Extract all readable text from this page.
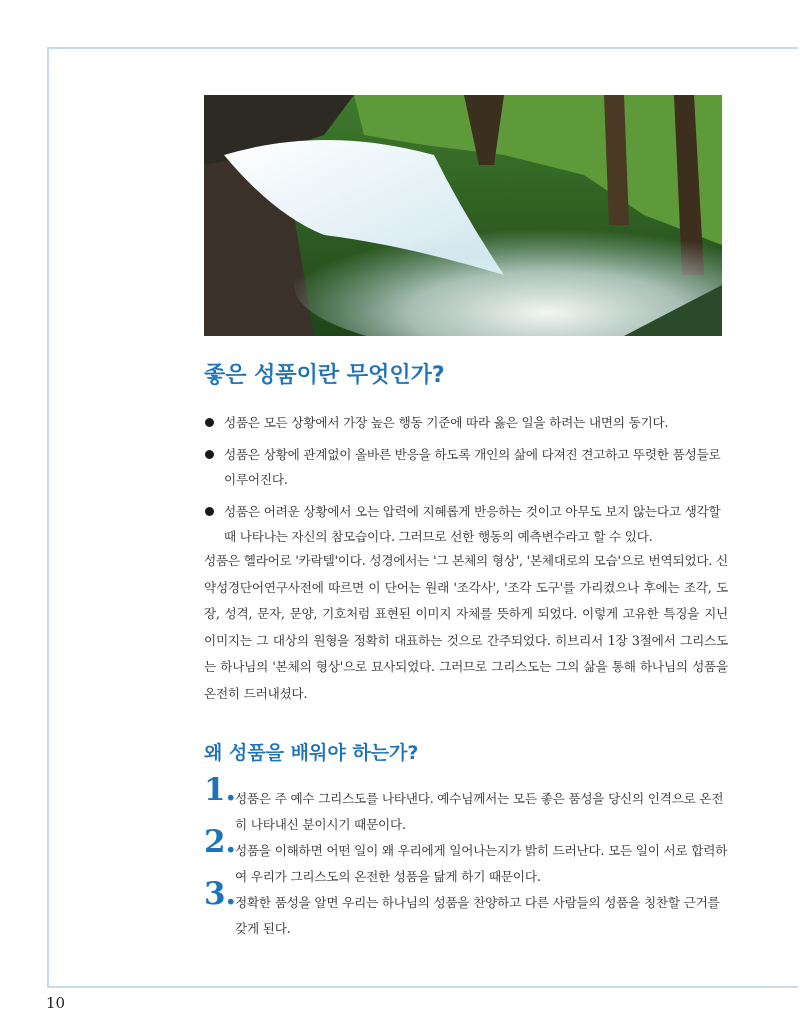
좋은 성품이란 무엇인가?
성품은 모든 상황에서 가장 높은 행동 기준에 따라 옳은 일을 하려는 내면의 동기다.
성품은 상황에 관계없이 올바른 반응을 하도록 개인의 삶에 다져진 견고하고 뚜렷한 품성들로 이루어진다.
성품은 어려운 상황에서 오는 압력에 지혜롭게 반응하는 것이고 아무도 보지 않는다고 생각할 때 나타나는 자신의 참모습이다. 그러므로 선한 행동의 예측변수라고 할 수 있다.

성품은 헬라어로 '카락텔'이다. 성경에서는 '그 본체의 형상', '본체대로의 모습'으로 번역되었다. 신약성경단어연구사전에 따르면 이 단어는 원래 '조각사', '조각 도구'를 가리켰으나 후에는 조각, 도장, 성격, 문자, 문양, 기호처럼 표현된 이미지 자체를 뜻하게 되었다. 이렇게 고유한 특징을 지닌 이미지는 그 대상의 원형을 정확히 대표하는 것으로 간주되었다. 히브리서 1장 3절에서 그리스도는 하나님의 '본체의 형상'으로 묘사되었다. 그러므로 그리스도는 그의 삶을 통해 하나님의 성품을 온전히 드러내셨다.

왜 성품을 배워야 하는가?
1. 성품은 주 예수 그리스도를 나타낸다. 예수님께서는 모든 좋은 품성을 당신의 인격으로 온전히 나타내신 분이시기 때문이다.
2. 성품을 이해하면 어떤 일이 왜 우리에게 일어나는지가 밝히 드러난다. 모든 일이 서로 합력하여 우리가 그리스도의 온전한 성품을 닮게 하기 때문이다.
3. 정확한 품성을 알면 우리는 하나님의 성품을 찬양하고 다른 사람들의 성품을 칭찬할 근거를 갖게 된다.
10
